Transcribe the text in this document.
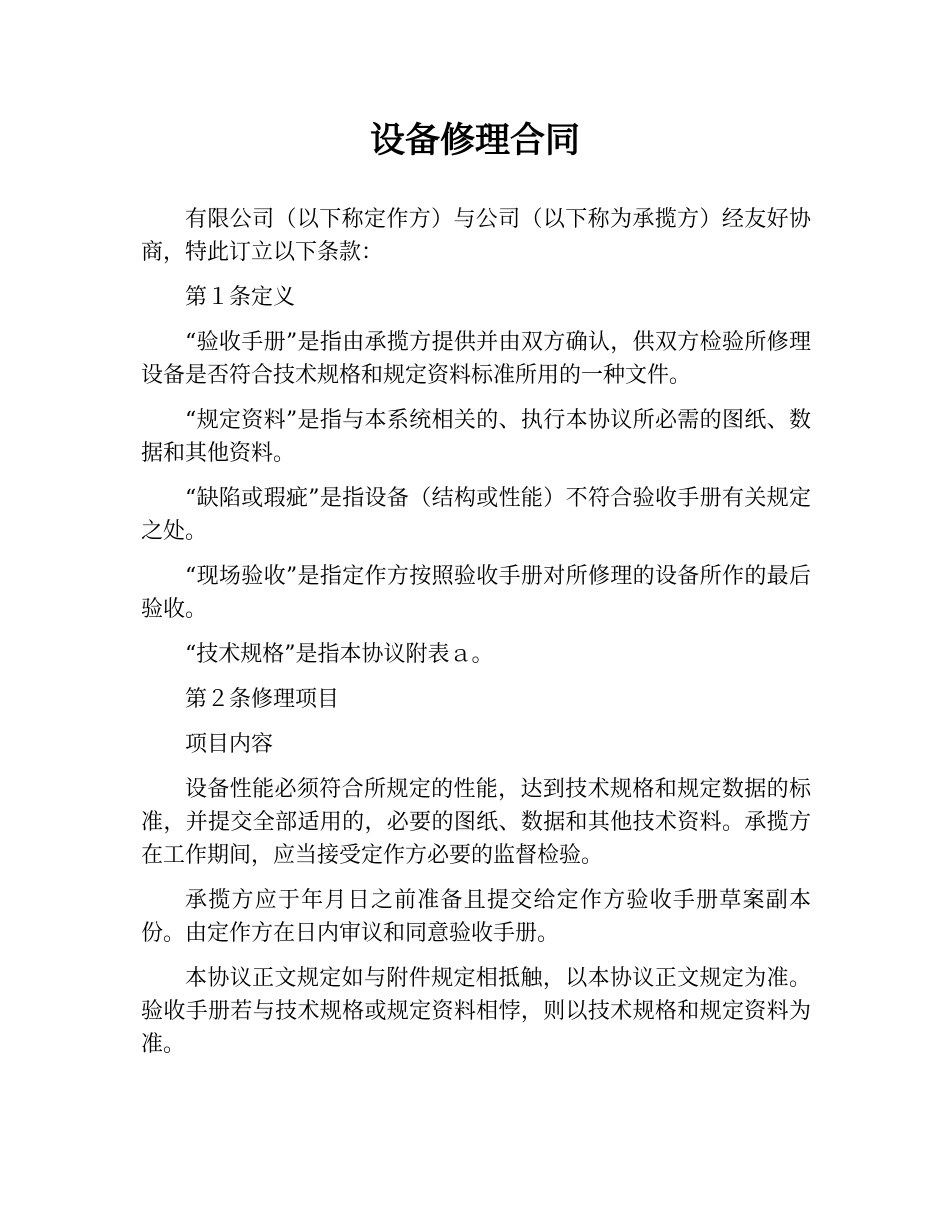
设备修理合同

有限公司（以下称定作方）与公司（以下称为承揽方）经友好协商，特此订立以下条款：

第１条定义

“验收手册”是指由承揽方提供并由双方确认，供双方检验所修理设备是否符合技术规格和规定资料标准所用的一种文件。

“规定资料”是指与本系统相关的、执行本协议所必需的图纸、数据和其他资料。

“缺陷或瑕疵”是指设备（结构或性能）不符合验收手册有关规定之处。

“现场验收”是指定作方按照验收手册对所修理的设备所作的最后验收。

“技术规格”是指本协议附表ａ。

第２条修理项目

项目内容

设备性能必须符合所规定的性能，达到技术规格和规定数据的标准，并提交全部适用的，必要的图纸、数据和其他技术资料。承揽方在工作期间，应当接受定作方必要的监督检验。

承揽方应于年月日之前准备且提交给定作方验收手册草案副本份。由定作方在日内审议和同意验收手册。

本协议正文规定如与附件规定相抵触，以本协议正文规定为准。验收手册若与技术规格或规定资料相悖，则以技术规格和规定资料为准。
